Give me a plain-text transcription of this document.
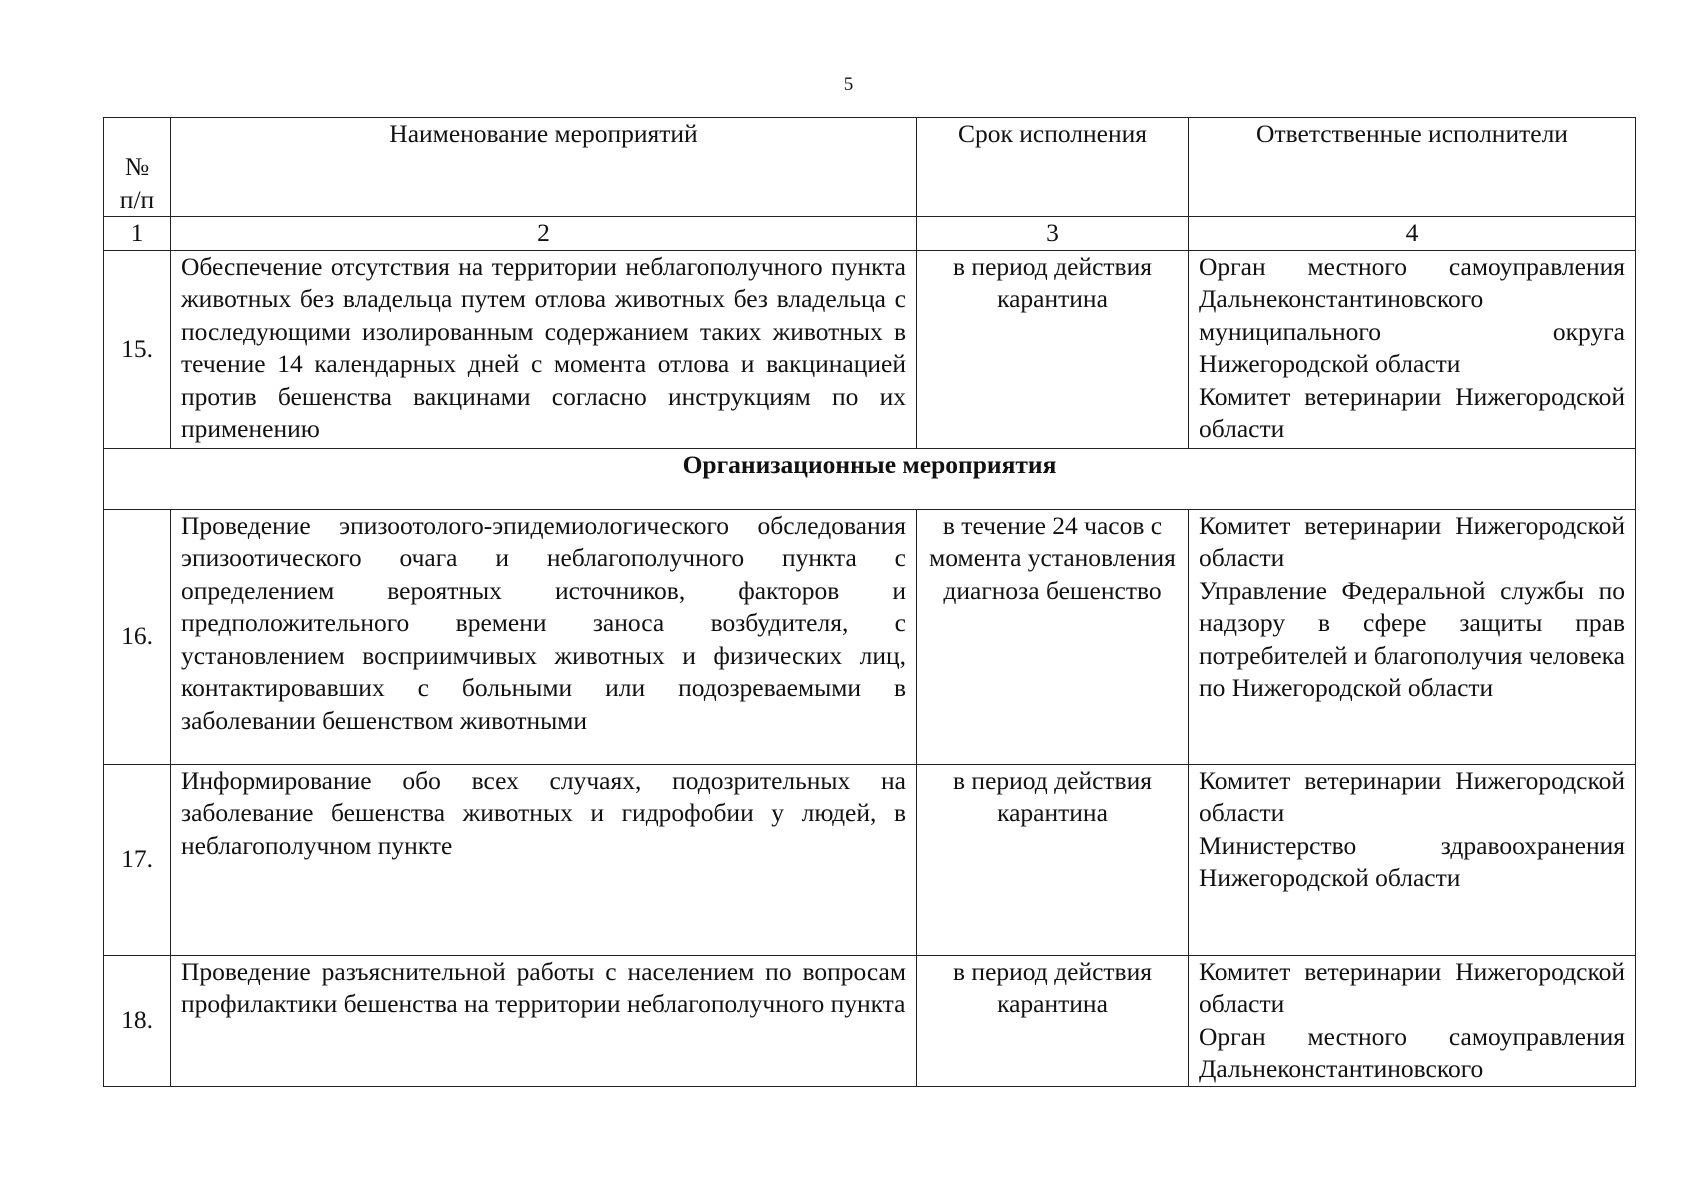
5
№
п/п	Наименование мероприятий	Срок исполнения	Ответственные исполнители
1	2	3	4
15.	Обеспечение отсутствия на территории неблагополучного пункта животных без владельца путем отлова животных без владельца с последующими изолированным содержанием таких животных в течение 14 календарных дней с момента отлова и вакцинацией против бешенства вакцинами согласно инструкциям по их применению	в период действия карантина	Орган местного самоуправления Дальнеконстантиновского муниципального округа Нижегородской области
Комитет ветеринарии Нижегородской области

Организационные мероприятия			
16.	Проведение эпизоотолого-эпидемиологического обследования эпизоотического очага и неблагополучного пункта с определением вероятных источников, факторов и предположительного времени заноса возбудителя, с установлением восприимчивых животных и физических лиц, контактировавших с больными или подозреваемыми в заболевании бешенством животными	в течение 24 часов с момента установления диагноза бешенство	Комитет ветеринарии Нижегородской области
Управление Федеральной службы по надзору в сфере защиты прав потребителей и благополучия человека по Нижегородской области

17.	Информирование обо всех случаях, подозрительных на заболевание бешенства животных и гидрофобии у людей, в неблагополучном пункте	в период действия карантина	Комитет ветеринарии Нижегородской области
Министерство здравоохранения Нижегородской области

18.	Проведение разъяснительной работы с населением по вопросам профилактики бешенства на территории неблагополучного пункта	в период действия карантина	Комитет ветеринарии Нижегородской области
Орган местного самоуправления Дальнеконстантиновского
